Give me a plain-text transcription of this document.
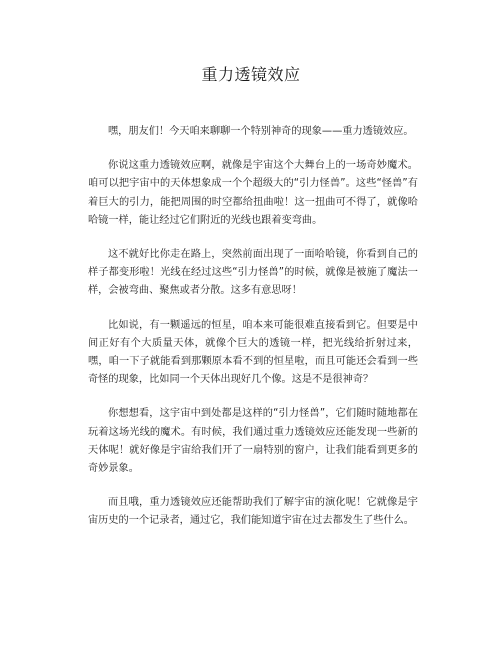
重力透镜效应

嘿，朋友们！今天咱来聊聊一个特别神奇的现象——重力透镜效应。

你说这重力透镜效应啊，就像是宇宙这个大舞台上的一场奇妙魔术。咱可以把宇宙中的天体想象成一个个超级大的“引力怪兽”。这些“怪兽”有着巨大的引力，能把周围的时空都给扭曲啦！这一扭曲可不得了，就像哈哈镜一样，能让经过它们附近的光线也跟着变弯曲。

这不就好比你走在路上，突然前面出现了一面哈哈镜，你看到自己的样子都变形啦！光线在经过这些“引力怪兽”的时候，就像是被施了魔法一样，会被弯曲、聚焦或者分散。这多有意思呀！

比如说，有一颗遥远的恒星，咱本来可能很难直接看到它。但要是中间正好有个大质量天体，就像个巨大的透镜一样，把光线给折射过来，嘿，咱一下子就能看到那颗原本看不到的恒星啦，而且可能还会看到一些奇怪的现象，比如同一个天体出现好几个像。这是不是很神奇？

你想想看，这宇宙中到处都是这样的“引力怪兽”，它们随时随地都在玩着这场光线的魔术。有时候，我们通过重力透镜效应还能发现一些新的天体呢！就好像是宇宙给我们开了一扇特别的窗户，让我们能看到更多的奇妙景象。

而且哦，重力透镜效应还能帮助我们了解宇宙的演化呢！它就像是宇宙历史的一个记录者，通过它，我们能知道宇宙在过去都发生了些什么。
